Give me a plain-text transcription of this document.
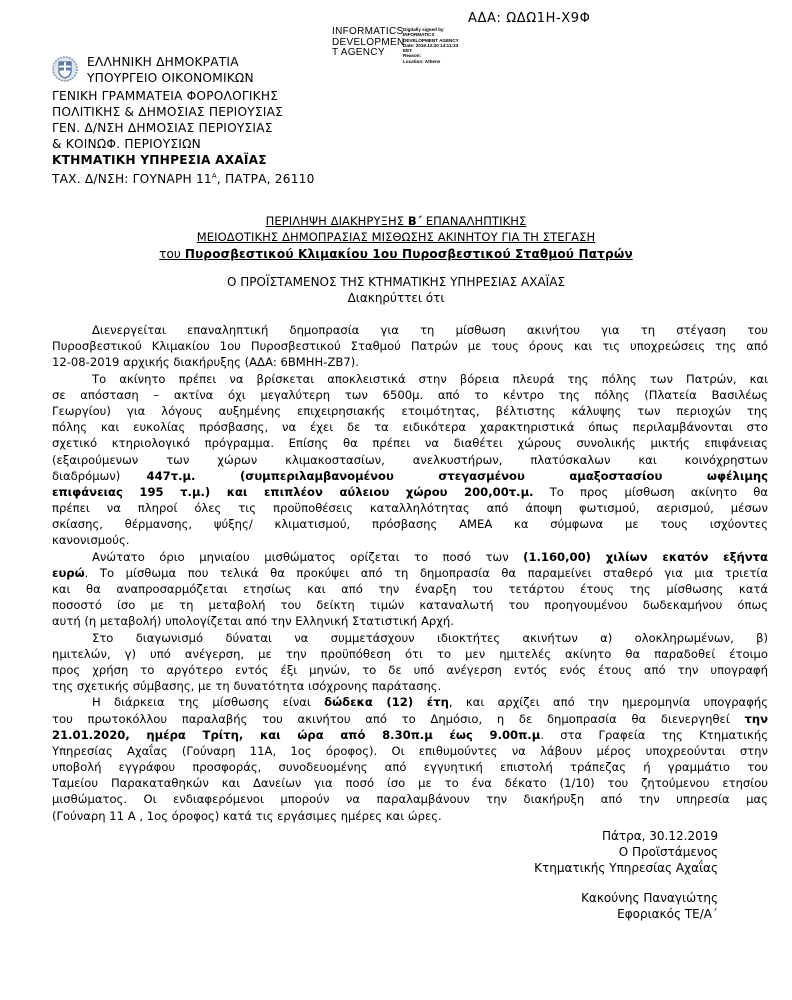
ΑΔΑ: ΩΔΩ1Η-Χ9Φ
INFORMATICS
DEVELOPMEN
T AGENCY
Digitally signed by
INFORMATICS
DEVELOPMENT AGENCY
Date: 2019.12.30 14:11:33
EET
Reason:
Location: Athens
ΕΛΛΗΝΙΚΗ ΔΗΜΟΚΡΑΤΙΑ
ΥΠΟΥΡΓΕΙΟ ΟΙΚΟΝΟΜΙΚΩΝ
ΓΕΝΙΚΗ ΓΡΑΜΜΑΤΕΙΑ ΦΟΡΟΛΟΓΙΚΗΣ
ΠΟΛΙΤΙΚΗΣ & ΔΗΜΟΣΙΑΣ ΠΕΡΙΟΥΣΙΑΣ
ΓΕΝ. Δ/ΝΣΗ ΔΗΜΟΣΙΑΣ ΠΕΡΙΟΥΣΙΑΣ
& ΚΟΙΝΩΦ. ΠΕΡΙΟΥΣΙΩΝ
ΚΤΗΜΑΤΙΚΗ ΥΠΗΡΕΣΙΑ ΑΧΑΪΑΣ
ΤΑΧ. Δ/ΝΣΗ: ΓΟΥΝΑΡΗ $11^A$, ΠΑΤΡΑ, 26110
ΠΕΡΙΛΗΨΗ ΔΙΑΚΗΡΥΞΗΣ Β΄ ΕΠΑΝΑΛΗΠΤΙΚΗΣ
ΜΕΙΟΔΟΤΙΚΗΣ ΔΗΜΟΠΡΑΣΙΑΣ ΜΙΣΘΩΣΗΣ ΑΚΙΝΗΤΟΥ ΓΙΑ ΤΗ ΣΤΕΓΑΣΗ
του Πυροσβεστικού Κλιμακίου 1ου Πυροσβεστικού Σταθμού Πατρών
Ο ΠΡΟΪΣΤΑΜΕΝΟΣ ΤΗΣ ΚΤΗΜΑΤΙΚΗΣ ΥΠΗΡΕΣΙΑΣ ΑΧΑΪΑΣ
Διακηρύττει ότι
Διενεργείται επαναληπτική δημοπρασία για τη μίσθωση ακινήτου για τη στέγαση του
Πυροσβεστικού Κλιμακίου 1ου Πυροσβεστικού Σταθμού Πατρών με τους όρους και τις υποχρεώσεις της από
12-08-2019 αρχικής διακήρυξης (ΑΔΑ: 6ΒΜΗΗ-ΖΒ7).
Το ακίνητο πρέπει να βρίσκεται αποκλειστικά στην βόρεια πλευρά της πόλης των Πατρών, και
σε απόσταση – ακτίνα όχι μεγαλύτερη των 6500μ. από το κέντρο της πόλης (Πλατεία Βασιλέως
Γεωργίου) για λόγους αυξημένης επιχειρησιακής ετοιμότητας, βέλτιστης κάλυψης των περιοχών της
πόλης και ευκολίας πρόσβασης, να έχει δε τα ειδικότερα χαρακτηριστικά όπως περιλαμβάνονται στο
σχετικό κτηριολογικό πρόγραμμα. Επίσης θα πρέπει να διαθέτει χώρους συνολικής μικτής επιφάνειας
(εξαιρούμενων των χώρων κλιμακοστασίων, ανελκυστήρων, πλατύσκαλων και κοινόχρηστων
διαδρόμων) 447τ.μ. (συμπεριλαμβανομένου στεγασμένου αμαξοστασίου ωφέλιμης
επιφάνειας 195 τ.μ.) και επιπλέον αύλειου χώρου 200,00τ.μ. Το προς μίσθωση ακίνητο θα
πρέπει να πληροί όλες τις προϋποθέσεις καταλληλότητας από άποψη φωτισμού, αερισμού, μέσων
σκίασης, θέρμανσης, ψύξης/ κλιματισμού, πρόσβασης ΑΜΕΑ κα σύμφωνα με τους ισχύοντες
κανονισμούς.
Ανώτατο όριο μηνιαίου μισθώματος ορίζεται το ποσό των (1.160,00) χιλίων εκατόν εξήντα
ευρώ. Το μίσθωμα που τελικά θα προκύψει από τη δημοπρασία θα παραμείνει σταθερό για μια τριετία
και θα αναπροσαρμόζεται ετησίως και από την έναρξη του τετάρτου έτους της μίσθωσης κατά
ποσοστό ίσο με τη μεταβολή του δείκτη τιμών καταναλωτή του προηγουμένου δωδεκαμήνου όπως
αυτή (η μεταβολή) υπολογίζεται από την Ελληνική Στατιστική Αρχή.
Στο διαγωνισμό δύναται να συμμετάσχουν ιδιοκτήτες ακινήτων α) ολοκληρωμένων, β)
ημιτελών, γ) υπό ανέγερση, με την προϋπόθεση ότι το μεν ημιτελές ακίνητο θα παραδοθεί έτοιμο
προς χρήση το αργότερο εντός έξι μηνών, το δε υπό ανέγερση εντός ενός έτους από την υπογραφή
της σχετικής σύμβασης, με τη δυνατότητα ισόχρονης παράτασης.
Η διάρκεια της μίσθωσης είναι δώδεκα (12) έτη, και αρχίζει από την ημερομηνία υπογραφής
του πρωτοκόλλου παραλαβής του ακινήτου από το Δημόσιο, η δε δημοπρασία θα διενεργηθεί την
21.01.2020, ημέρα Τρίτη, και ώρα από 8.30π.μ έως 9.00π.μ. στα Γραφεία της Κτηματικής
Υπηρεσίας Αχαΐας (Γούναρη 11Α, 1ος όροφος). Οι επιθυμούντες να λάβουν μέρος υποχρεούνται στην
υποβολή εγγράφου προσφοράς, συνοδευομένης από εγγυητική επιστολή τράπεζας ή γραμμάτιο του
Ταμείου Παρακαταθηκών και Δανείων για ποσό ίσο με το ένα δέκατο (1/10) του ζητούμενου ετησίου
μισθώματος. Οι ενδιαφερόμενοι μπορούν να παραλαμβάνουν την διακήρυξη από την υπηρεσία μας
(Γούναρη 11 Α , 1ος όροφος) κατά τις εργάσιμες ημέρες και ώρες.
Πάτρα, 30.12.2019
Ο Προϊστάμενος
Κτηματικής Υπηρεσίας Αχαΐας
Κακούνης Παναγιώτης
Εφοριακός ΤΕ/Α΄
